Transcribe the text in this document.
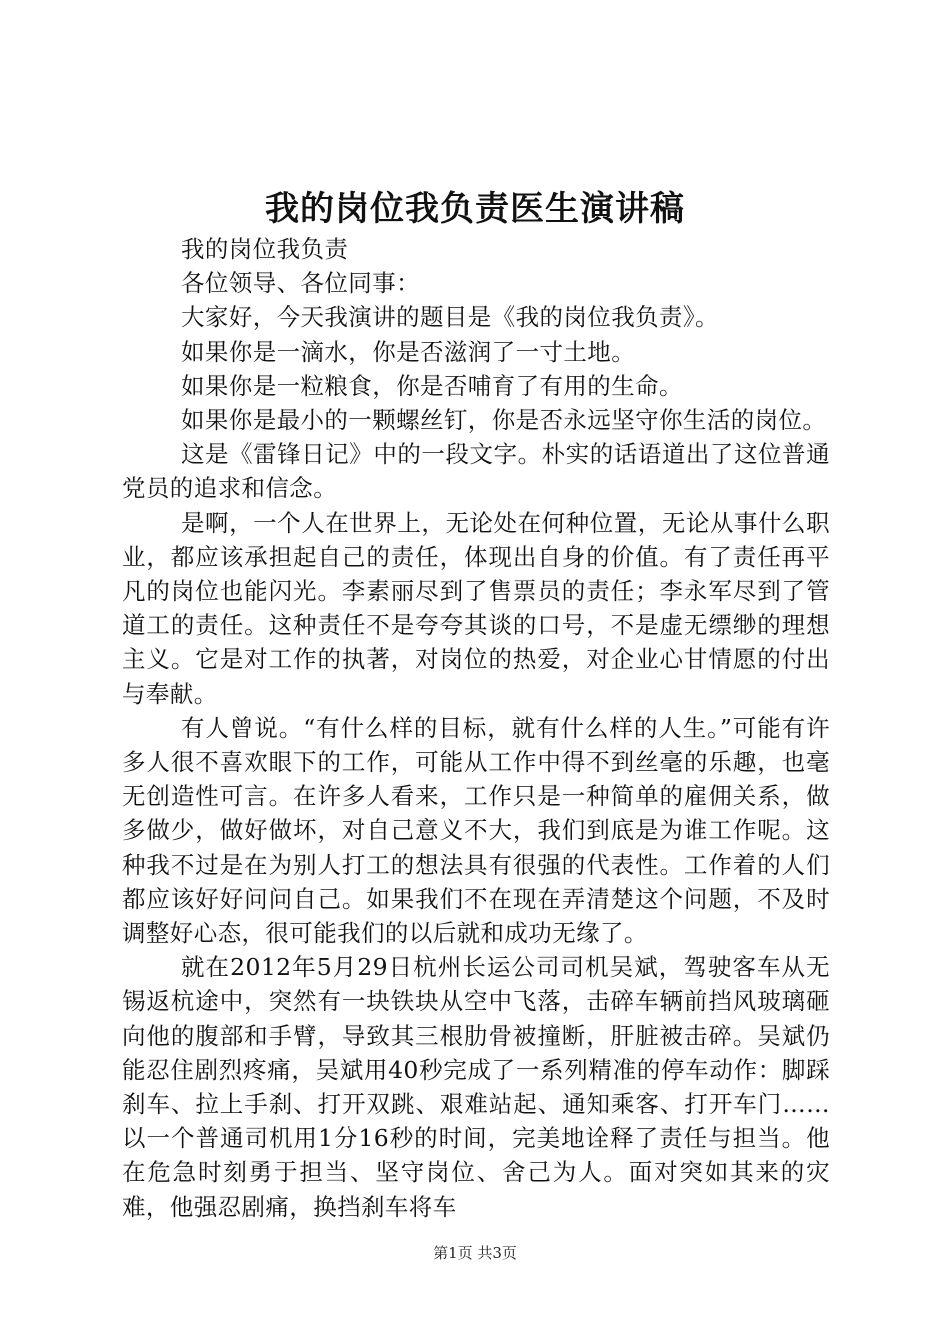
我的岗位我负责医生演讲稿

我的岗位我负责

各位领导、各位同事：

大家好，今天我演讲的题目是《我的岗位我负责》。

如果你是一滴水，你是否滋润了一寸土地。

如果你是一粒粮食，你是否哺育了有用的生命。

如果你是最小的一颗螺丝钉，你是否永远坚守你生活的岗位。

这是《雷锋日记》中的一段文字。朴实的话语道出了这位普通党员的追求和信念。

是啊，一个人在世界上，无论处在何种位置，无论从事什么职业，都应该承担起自己的责任，体现出自身的价值。有了责任再平凡的岗位也能闪光。李素丽尽到了售票员的责任；李永军尽到了管道工的责任。这种责任不是夸夸其谈的口号，不是虚无缥缈的理想主义。它是对工作的执著，对岗位的热爱，对企业心甘情愿的付出与奉献。

有人曾说。“有什么样的目标，就有什么样的人生。”可能有许多人很不喜欢眼下的工作，可能从工作中得不到丝毫的乐趣，也毫无创造性可言。在许多人看来，工作只是一种简单的雇佣关系，做多做少，做好做坏，对自己意义不大，我们到底是为谁工作呢。这种我不过是在为别人打工的想法具有很强的代表性。工作着的人们都应该好好问问自己。如果我们不在现在弄清楚这个问题，不及时调整好心态，很可能我们的以后就和成功无缘了。

就在2012年5月29日杭州长运公司司机吴斌，驾驶客车从无锡返杭途中，突然有一块铁块从空中飞落，击碎车辆前挡风玻璃砸向他的腹部和手臂，导致其三根肋骨被撞断，肝脏被击碎。吴斌仍能忍住剧烈疼痛，吴斌用40秒完成了一系列精准的停车动作：脚踩刹车、拉上手刹、打开双跳、艰难站起、通知乘客、打开车门……以一个普通司机用1分16秒的时间，完美地诠释了责任与担当。他在危急时刻勇于担当、坚守岗位、舍己为人。面对突如其来的灾难，他强忍剧痛，换挡刹车将车

第1页 共3页
